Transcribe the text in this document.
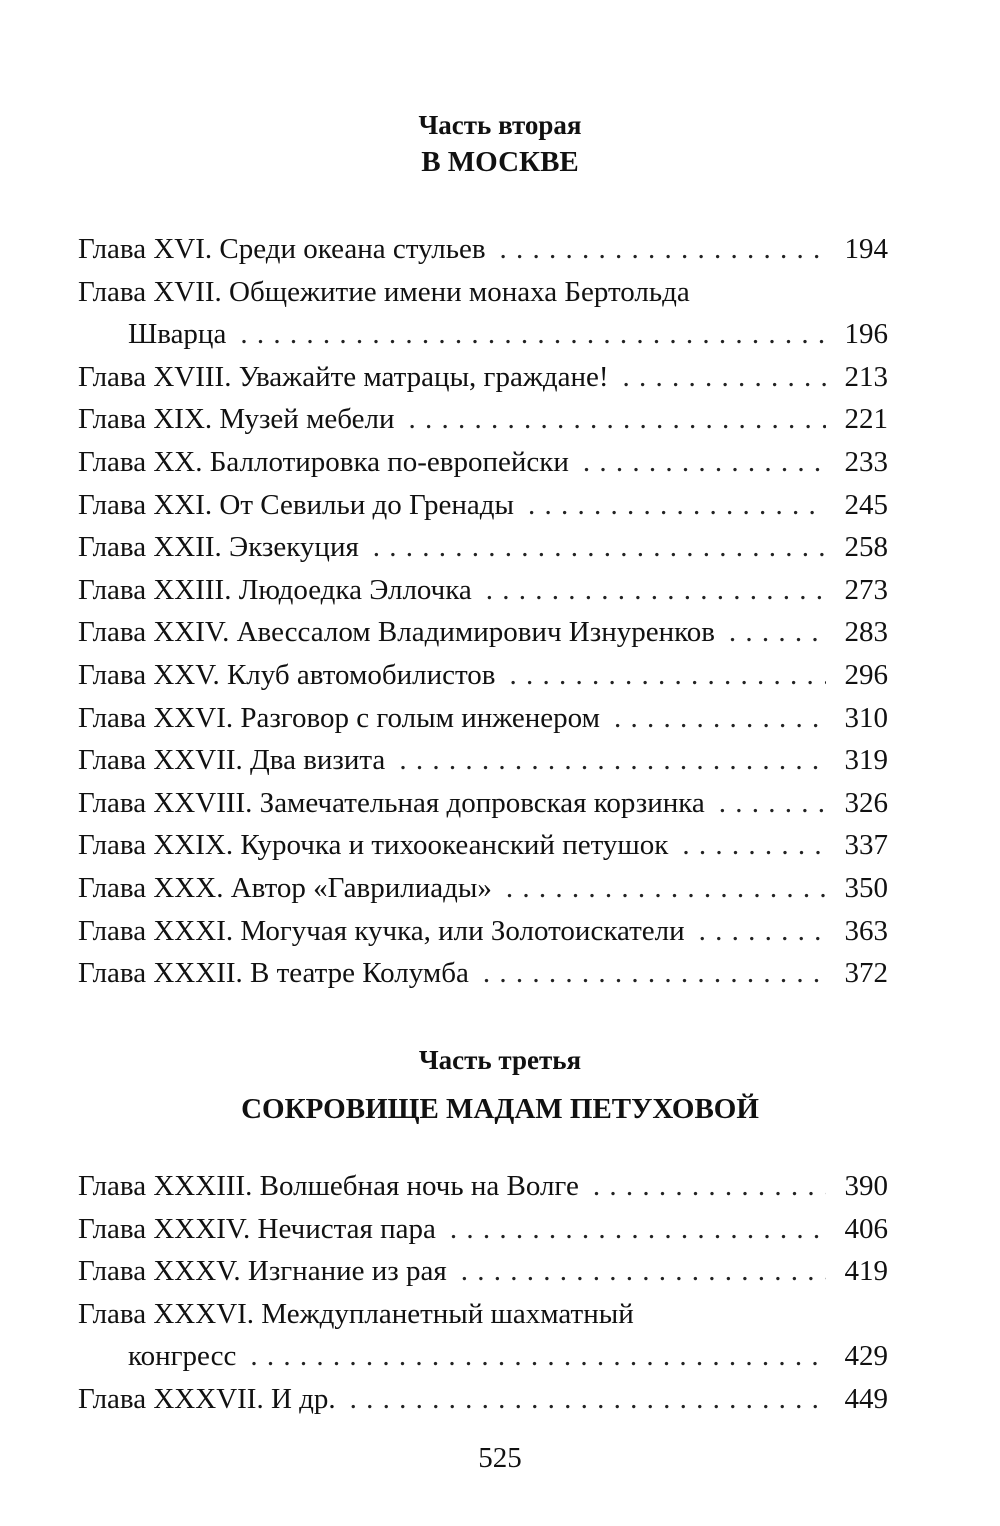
Часть вторая
В МОСКВЕ
Глава XVI. Среди океана стульев . . .	194
Глава XVII. Общежитие имени монаха Бертольда
Шварца . . .	196
Глава XVIII. Уважайте матрацы, граждане! . . .	213
Глава XIX. Музей мебели . . .	221
Глава XX. Баллотировка по-европейски . . .	233
Глава XXI. От Севильи до Гренады . . .	245
Глава XXII. Экзекуция . . .	258
Глава XXIII. Людоедка Эллочка . . .	273
Глава XXIV. Авессалом Владимирович Изнуренков . . .	283
Глава XXV. Клуб автомобилистов . . .	296
Глава XXVI. Разговор с голым инженером . . .	310
Глава XXVII. Два визита . . .	319
Глава XXVIII. Замечательная допровская корзинка . . .	326
Глава XXIX. Курочка и тихоокеанский петушок . . .	337
Глава XXX. Автор «Гаврилиады» . . .	350
Глава XXXI. Могучая кучка, или Золотоискатели . . .	363
Глава XXXII. В театре Колумба . . .	372
Часть третья
СОКРОВИЩЕ МАДАМ ПЕТУХОВОЙ
Глава XXXIII. Волшебная ночь на Волге . . .	390
Глава XXXIV. Нечистая пара . . .	406
Глава XXXV. Изгнание из рая . . .	419
Глава XXXVI. Междупланетный шахматный
конгресс . . .	429
Глава XXXVII. И др. . . .	449
525
